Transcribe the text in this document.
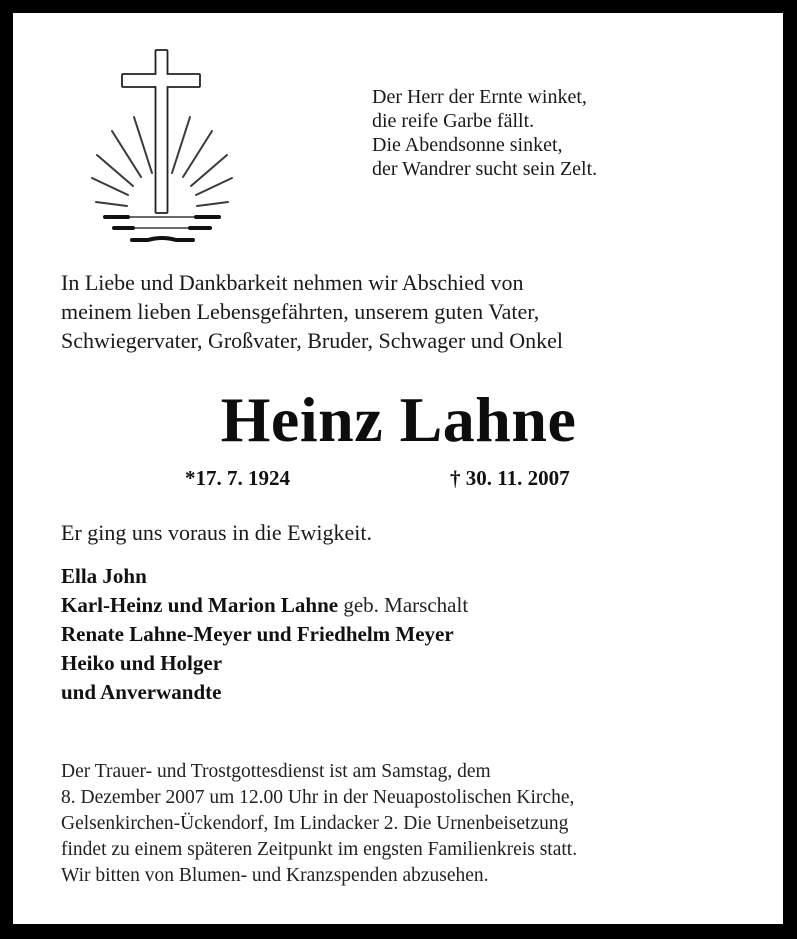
Der Herr der Ernte winket,
die reife Garbe fällt.
Die Abendsonne sinket,
der Wandrer sucht sein Zelt.
In Liebe und Dankbarkeit nehmen wir Abschied von
meinem lieben Lebensgefährten, unserem guten Vater,
Schwiegervater, Großvater, Bruder, Schwager und Onkel
Heinz Lahne
*17. 7. 1924	† 30. 11. 2007
Er ging uns voraus in die Ewigkeit.
Ella John
Karl-Heinz und Marion Lahne geb. Marschalt
Renate Lahne-Meyer und Friedhelm Meyer
Heiko und Holger
und Anverwandte
Der Trauer- und Trostgottesdienst ist am Samstag, dem
8. Dezember 2007 um 12.00 Uhr in der Neuapostolischen Kirche,
Gelsenkirchen-Ückendorf, Im Lindacker 2. Die Urnenbeisetzung
findet zu einem späteren Zeitpunkt im engsten Familienkreis statt.
Wir bitten von Blumen- und Kranzspenden abzusehen.
